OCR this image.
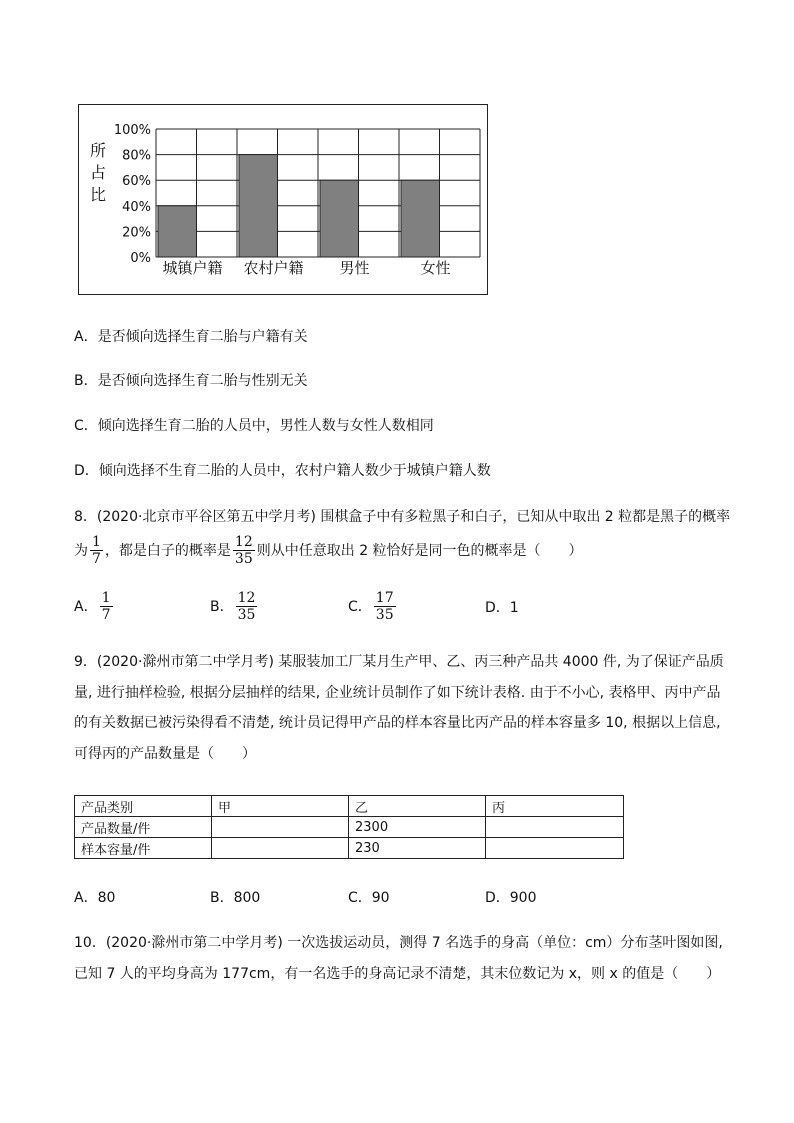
100%
80%
60%
40%
20%
0%
城镇户籍 农村户籍 男性	女性
所
占
比
A．是否倾向选择生育二胎与户籍有关
B．是否倾向选择生育二胎与性别无关
C．倾向选择生育二胎的人员中，男性人数与女性人数相同
D．倾向选择不生育二胎的人员中，农村户籍人数少于城镇户籍人数
8．(2020·北京市平谷区第五中学月考) 围棋盒子中有多粒黑子和白子，已知从中取出 2 粒都是黑子的概率
为 $\frac{1}{7}$ ，都是白子的概率是 $\frac{12}{35}$ 则从中任意取出 2 粒恰好是同一色的概率是（　　）
A． $\frac{1}{7}$	B． $\frac{12}{35}$	C． $\frac{17}{35}$	D．1
9．(2020·滁州市第二中学月考) 某服装加工厂某月生产甲、乙、丙三种产品共 4000 件, 为了保证产品质
量, 进行抽样检验, 根据分层抽样的结果, 企业统计员制作了如下统计表格. 由于不小心, 表格甲、丙中产品
的有关数据已被污染得看不清楚, 统计员记得甲产品的样本容量比丙产品的样本容量多 10, 根据以上信息,
可得丙的产品数量是（　　）
产品类别	甲	乙	丙
产品数量/件		2300	
样本容量/件		230	
A．80	B．800	C．90	D．900
10．(2020·滁州市第二中学月考) 一次选拔运动员，测得 7 名选手的身高（单位：cm）分布茎叶图如图,
已知 7 人的平均身高为 177cm，有一名选手的身高记录不清楚，其末位数记为 x，则 x 的值是（　　）
